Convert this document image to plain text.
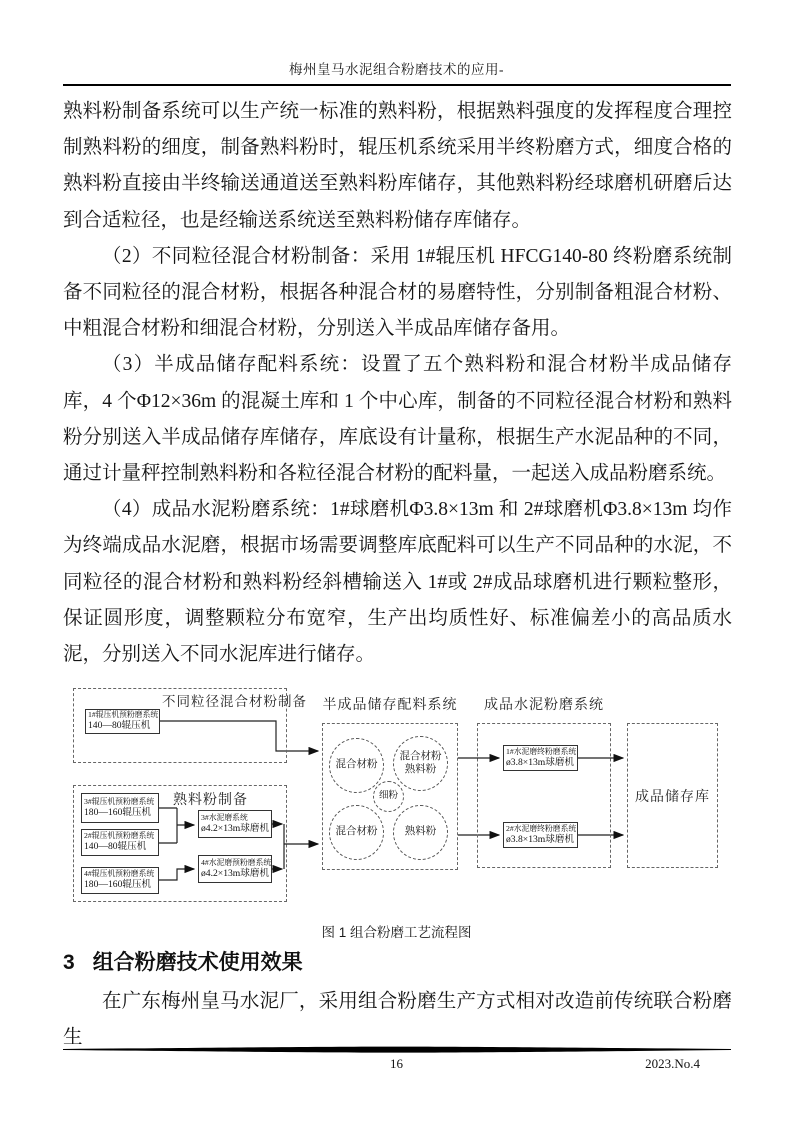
梅州皇马水泥组合粉磨技术的应用-

熟料粉制备系统可以生产统一标准的熟料粉，根据熟料强度的发挥程度合理控制熟料粉的细度，制备熟料粉时，辊压机系统采用半终粉磨方式，细度合格的熟料粉直接由半终输送通道送至熟料粉库储存，其他熟料粉经球磨机研磨后达到合适粒径，也是经输送系统送至熟料粉储存库储存。

（2）不同粒径混合材粉制备：采用 1#辊压机 HFCG140-80 终粉磨系统制备不同粒径的混合材粉，根据各种混合材的易磨特性，分别制备粗混合材粉、中粗混合材粉和细混合材粉，分别送入半成品库储存备用。

（3）半成品储存配料系统：设置了五个熟料粉和混合材粉半成品储存库，4 个Φ12×36m 的混凝土库和 1 个中心库，制备的不同粒径混合材粉和熟料粉分别送入半成品储存库储存，库底设有计量称，根据生产水泥品种的不同，通过计量秤控制熟料粉和各粒径混合材粉的配料量，一起送入成品粉磨系统。

（4）成品水泥粉磨系统：1#球磨机Φ3.8×13m 和 2#球磨机Φ3.8×13m 均作为终端成品水泥磨，根据市场需要调整库底配料可以生产不同品种的水泥，不同粒径的混合材粉和熟料粉经斜槽输送入 1#或 2#成品球磨机进行颗粒整形，保证圆形度，调整颗粒分布宽窄，生产出均质性好、标准偏差小的高品质水泥，分别送入不同水泥库进行储存。

不同粒径混合材粉制备
1#辊压机预粉磨系统
140—80辊压机
熟料粉制备
3#辊压机预粉磨系统
180—160辊压机
2#辊压机预粉磨系统
140—80辊压机
4#辊压机预粉磨系统
180—160辊压机
3#水泥磨系统
ø4.2×13m球磨机
4#水泥磨预粉磨系统
ø4.2×13m球磨机
半成品储存配料系统
混合材粉
混合材粉
熟料粉
细粉
混合材粉	熟料粉
成品水泥粉磨系统
1#水泥磨终粉磨系统
ø3.8×13m球磨机
2#水泥磨终粉磨系统
ø3.8×13m球磨机
成品储存库
图 1 组合粉磨工艺流程图
3 组合粉磨技术使用效果
在广东梅州皇马水泥厂，采用组合粉磨生产方式相对改造前传统联合粉磨生
16	2023.No.4
